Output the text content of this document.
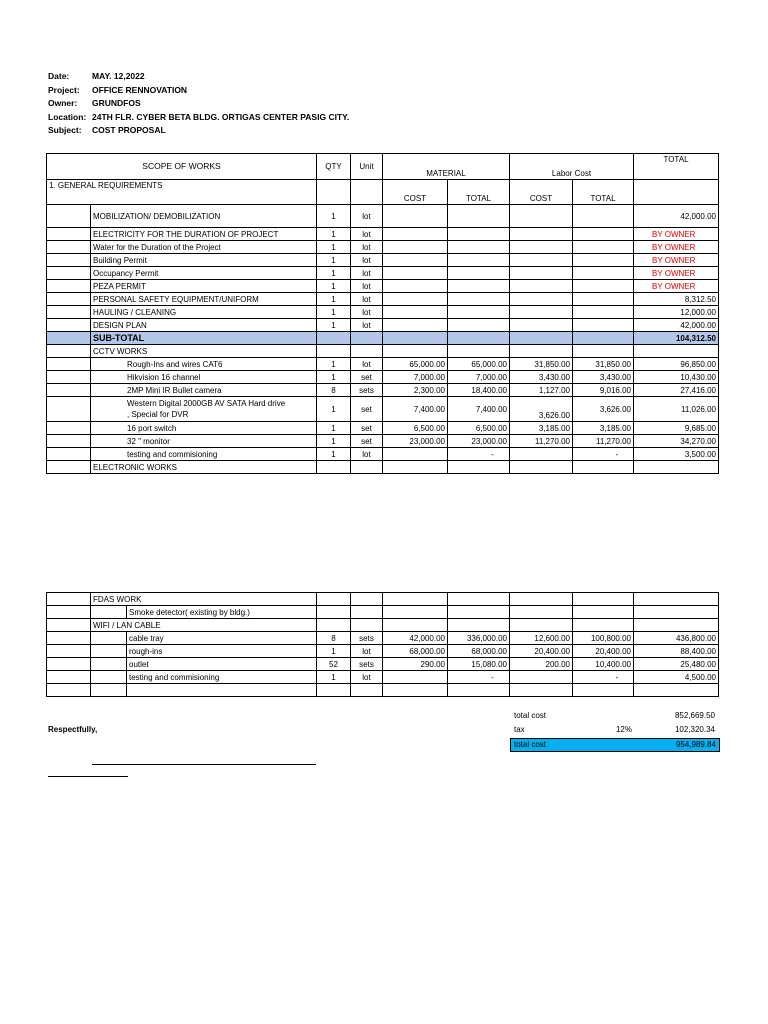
Date:	MAY. 12,2022
Project: OFFICE RENNOVATION
Owner: GRUNDFOS
Location: 24TH FLR. CYBER BETA BLDG. ORTIGAS CENTER PASIG CITY.
Subject: COST PROPOSAL
SCOPE OF WORKS		QTY	Unit	MATERIAL		Labor Cost		TOTAL
1. GENERAL REQUIREMENTS				COST	TOTAL	COST	TOTAL	
	MOBILIZATION/ DEMOBILIZATION	1	lot					42,000.00
	ELECTRICITY FOR THE DURATION OF PROJECT	1	lot					BY OWNER
	Water for the Duration of the Project	1	lot					BY OWNER
	Building Permit	1	lot					BY OWNER
	Occupancy Permit	1	lot					BY OWNER
	PEZA PERMIT	1	lot					BY OWNER
	PERSONAL SAFETY EQUIPMENT/UNIFORM	1	lot					8,312.50
	HAULING / CLEANING	1	lot					12,000.00
	DESIGN PLAN	1	lot					42,000.00
	SUB-TOTAL							104,312.50
	CCTV WORKS							
	Rough-Ins and wires CAT6	1	lot	65,000.00	65,000.00	31,850.00	31,850.00	96,850.00
	Hikvision 16 channel	1	set	7,000.00	7,000.00	3,430.00	3,430.00	10,430.00
	2MP Mini IR Bullet camera	8	sets	2,300.00	18,400.00	1,127.00	9,016.00	27,416.00
	Western Digital 2000GB AV SATA Hard drive
, Special for DVR	1	set	7,400.00	7,400.00	3,626.00	3,626.00	11,026.00
	16 port switch	1	set	6,500.00	6,500.00	3,185.00	3,185.00	9,685.00
	32 " monitor	1	set	23,000.00	23,000.00	11,270.00	11,270.00	34,270.00
	testing and commisioning	1	lot		-		-	3,500.00
	ELECTRONIC WORKS							
	FDAS WORK								
		Smoke detector( existing by bldg.)							
	WIFI / LAN CABLE								
		cable tray	8	sets	42,000.00	336,000.00	12,600.00	100,800.00	436,800.00
		rough-ins	1	lot	68,000.00	68,000.00	20,400.00	20,400.00	88,400.00
		outlet	52	sets	290.00	15,080.00	200.00	10,400.00	25,480.00
		testing and commisioning	1	lot		-		-	4,500.00

total cost	852,669.50
tax	12%	102,320.34
total cost	954,989.84
Respectfully,
